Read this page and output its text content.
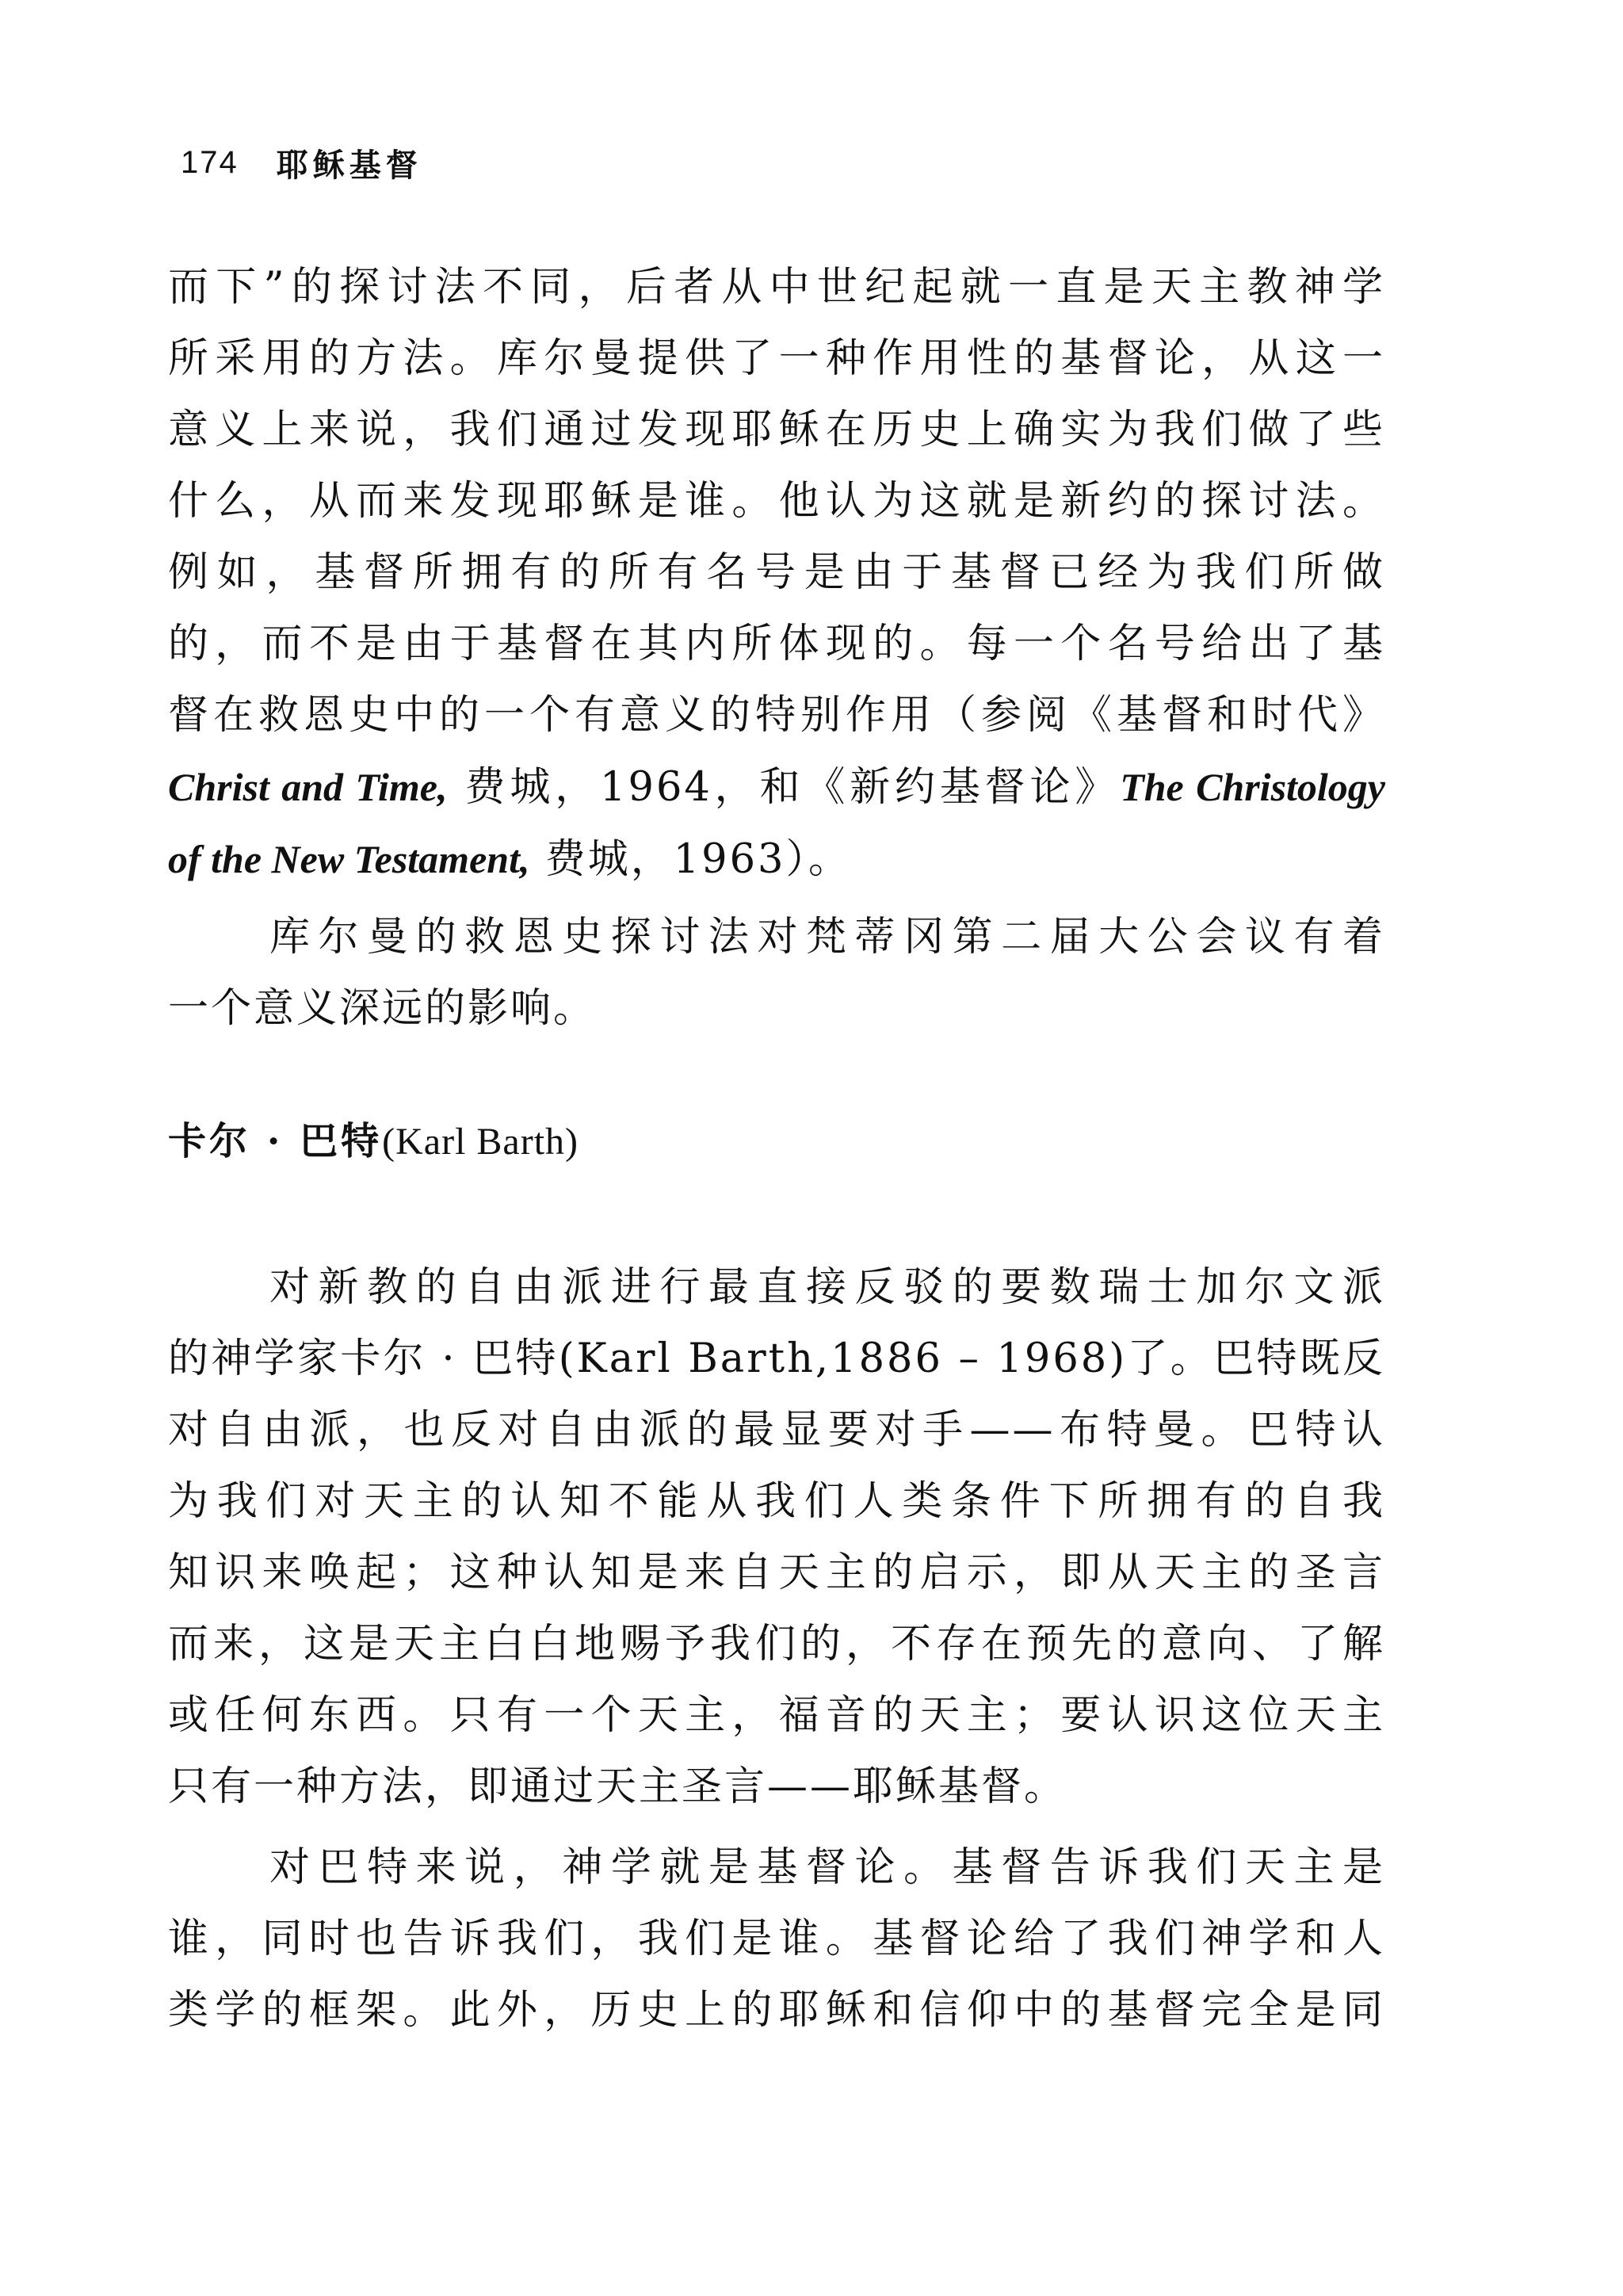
174 耶稣基督
而下”的探讨法不同，后者从中世纪起就一直是天主教神学
所采用的方法。库尔曼提供了一种作用性的基督论，从这一
意义上来说，我们通过发现耶稣在历史上确实为我们做了些
什么，从而来发现耶稣是谁。他认为这就是新约的探讨法。
例如，基督所拥有的所有名号是由于基督已经为我们所做
的，而不是由于基督在其内所体现的。每一个名号给出了基
督在救恩史中的一个有意义的特别作用（参阅《基督和时代》
Christ and Time, 费城，1964，和《新约基督论》The Christology
of the New Testament, 费城，1963）。
库尔曼的救恩史探讨法对梵蒂冈第二届大公会议有着
一个意义深远的影响。
卡尔 · 巴特(Karl Barth)
对新教的自由派进行最直接反驳的要数瑞士加尔文派
的神学家卡尔 · 巴特(Karl Barth,1886 – 1968)了。巴特既反
对自由派，也反对自由派的最显要对手——布特曼。巴特认
为我们对天主的认知不能从我们人类条件下所拥有的自我
知识来唤起；这种认知是来自天主的启示，即从天主的圣言
而来，这是天主白白地赐予我们的，不存在预先的意向、了解
或任何东西。只有一个天主，福音的天主；要认识这位天主
只有一种方法，即通过天主圣言——耶稣基督。
对巴特来说，神学就是基督论。基督告诉我们天主是
谁，同时也告诉我们，我们是谁。基督论给了我们神学和人
类学的框架。此外，历史上的耶稣和信仰中的基督完全是同
